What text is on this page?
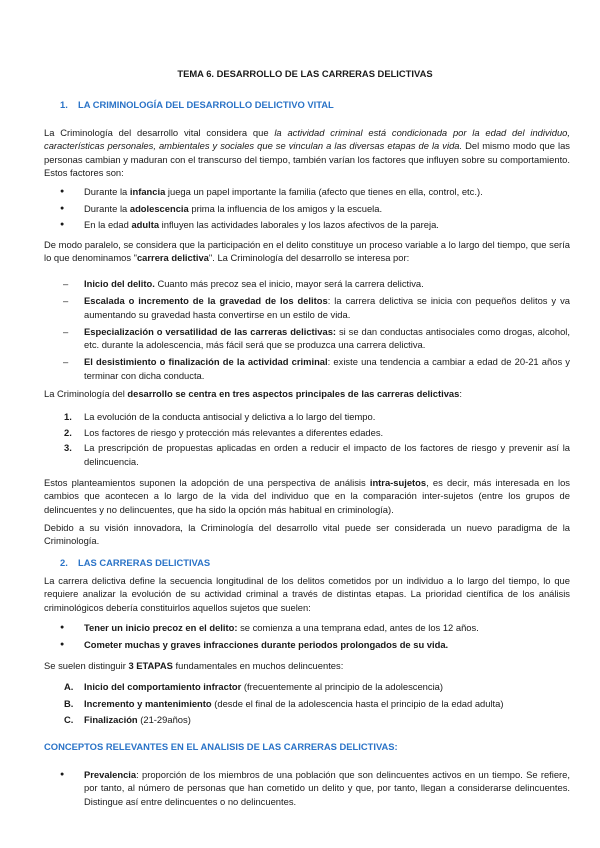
TEMA 6. DESARROLLO DE LAS CARRERAS DELICTIVAS
1. LA CRIMINOLOGÍA DEL DESARROLLO DELICTIVO VITAL

La Criminología del desarrollo vital considera que la actividad criminal está condicionada por la edad del individuo, características personales, ambientales y sociales que se vinculan a las diversas etapas de la vida. Del mismo modo que las personas cambian y maduran con el transcurso del tiempo, también varían los factores que influyen sobre su comportamiento. Estos factores son:

● Durante la infancia juega un papel importante la familia (afecto que tienes en ella, control, etc.).
● Durante la adolescencia prima la influencia de los amigos y la escuela.
● En la edad adulta influyen las actividades laborales y los lazos afectivos de la pareja.

De modo paralelo, se considera que la participación en el delito constituye un proceso variable a lo largo del tiempo, que sería lo que denominamos "carrera delictiva". La Criminología del desarrollo se interesa por:

– Inicio del delito. Cuanto más precoz sea el inicio, mayor será la carrera delictiva.
– Escalada o incremento de la gravedad de los delitos: la carrera delictiva se inicia con pequeños delitos y va aumentando su gravedad hasta convertirse en un estilo de vida.
– Especialización o versatilidad de las carreras delictivas: si se dan conductas antisociales como drogas, alcohol, etc. durante la adolescencia, más fácil será que se produzca una carrera delictiva.
– El desistimiento o finalización de la actividad criminal: existe una tendencia a cambiar a edad de 20-21 años y terminar con dicha conducta.

La Criminología del desarrollo se centra en tres aspectos principales de las carreras delictivas:

1. La evolución de la conducta antisocial y delictiva a lo largo del tiempo.
2. Los factores de riesgo y protección más relevantes a diferentes edades.
3. La prescripción de propuestas aplicadas en orden a reducir el impacto de los factores de riesgo y prevenir así la delincuencia.

Estos planteamientos suponen la adopción de una perspectiva de análisis intra-sujetos, es decir, más interesada en los cambios que acontecen a lo largo de la vida del individuo que en la comparación inter-sujetos (entre los grupos de delincuentes y no delincuentes, que ha sido la opción más habitual en criminología).

Debido a su visión innovadora, la Criminología del desarrollo vital puede ser considerada un nuevo paradigma de la Criminología.

2. LAS CARRERAS DELICTIVAS

La carrera delictiva define la secuencia longitudinal de los delitos cometidos por un individuo a lo largo del tiempo, lo que requiere analizar la evolución de su actividad criminal a través de distintas etapas. La prioridad científica de los análisis criminológicos debería constituirlos aquellos sujetos que suelen:

● Tener un inicio precoz en el delito: se comienza a una temprana edad, antes de los 12 años.
● Cometer muchas y graves infracciones durante periodos prolongados de su vida.

Se suelen distinguir 3 ETAPAS fundamentales en muchos delincuentes:

A. Inicio del comportamiento infractor (frecuentemente al principio de la adolescencia)
B. Incremento y mantenimiento (desde el final de la adolescencia hasta el principio de la edad adulta)
C. Finalización (21-29años)
CONCEPTOS RELEVANTES EN EL ANALISIS DE LAS CARRERAS DELICTIVAS:
● Prevalencia: proporción de los miembros de una población que son delincuentes activos en un tiempo. Se refiere, por tanto, al número de personas que han cometido un delito y que, por tanto, llegan a considerarse delincuentes. Distingue así entre delincuentes o no delincuentes.
